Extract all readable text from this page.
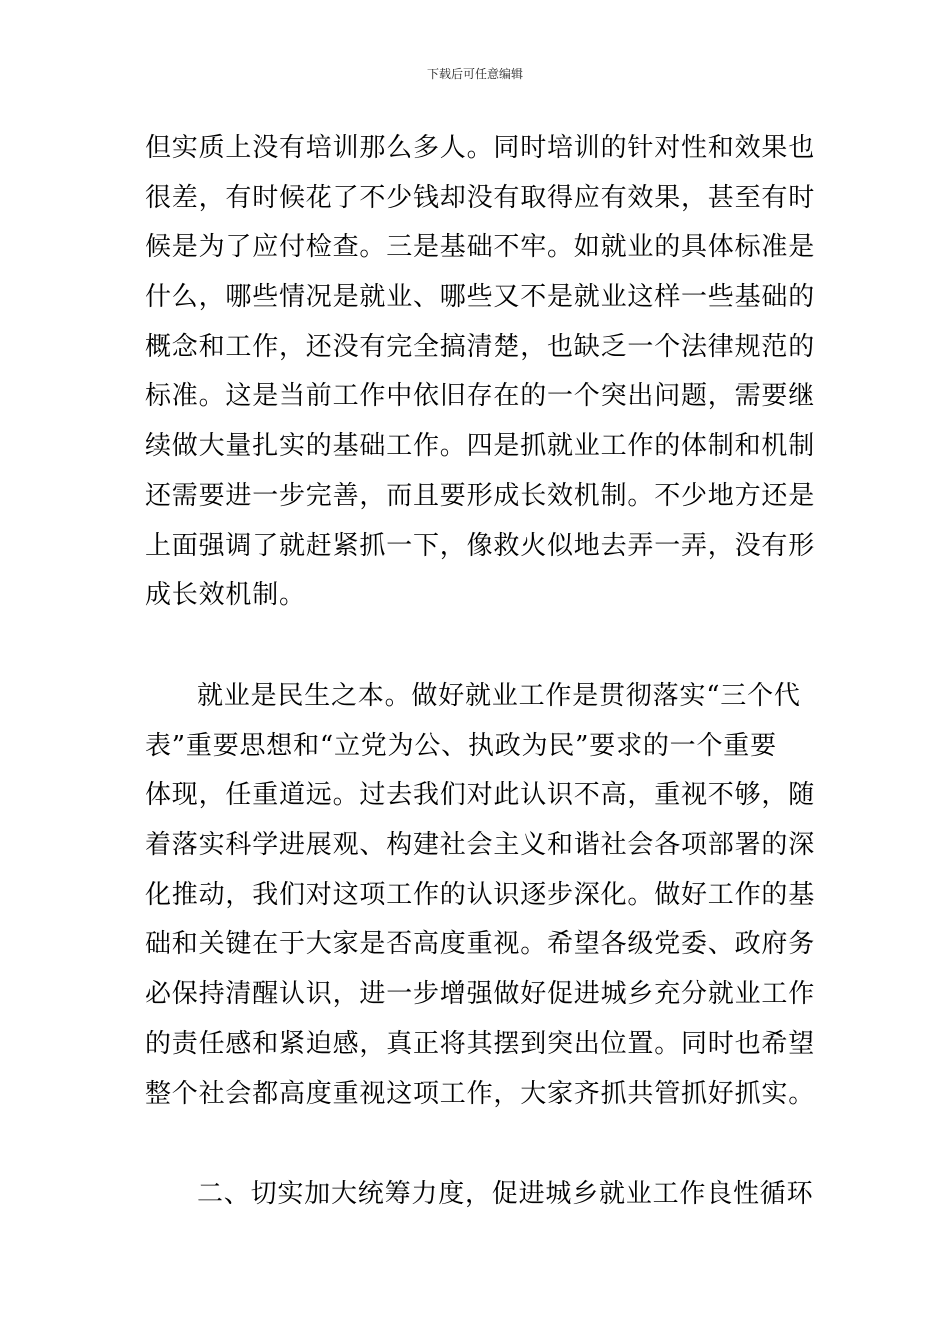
下载后可任意编辑
但实质上没有培训那么多人。同时培训的针对性和效果也
很差，有时候花了不少钱却没有取得应有效果，甚至有时
候是为了应付检查。三是基础不牢。如就业的具体标准是
什么，哪些情况是就业、哪些又不是就业这样一些基础的
概念和工作，还没有完全搞清楚，也缺乏一个法律规范的
标准。这是当前工作中依旧存在的一个突出问题，需要继
续做大量扎实的基础工作。四是抓就业工作的体制和机制
还需要进一步完善，而且要形成长效机制。不少地方还是
上面强调了就赶紧抓一下，像救火似地去弄一弄，没有形
成长效机制。
就业是民生之本。做好就业工作是贯彻落实“三个代
表”重要思想和“立党为公、执政为民”要求的一个重要
体现，任重道远。过去我们对此认识不高，重视不够，随
着落实科学进展观、构建社会主义和谐社会各项部署的深
化推动，我们对这项工作的认识逐步深化。做好工作的基
础和关键在于大家是否高度重视。希望各级党委、政府务
必保持清醒认识，进一步增强做好促进城乡充分就业工作
的责任感和紧迫感，真正将其摆到突出位置。同时也希望
整个社会都高度重视这项工作，大家齐抓共管抓好抓实。
二、切实加大统筹力度，促进城乡就业工作良性循环
